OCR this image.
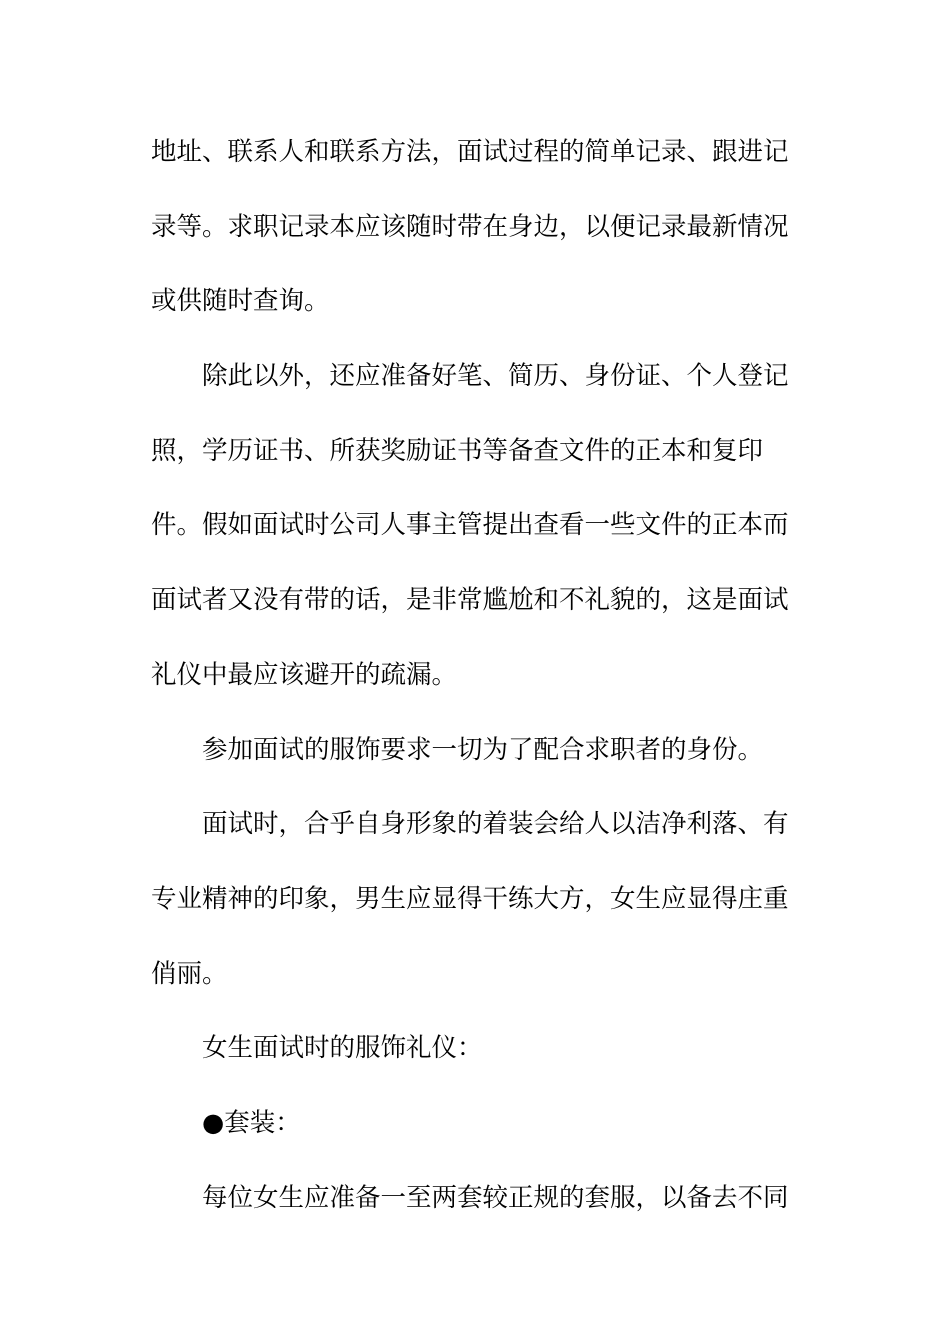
地址、联系人和联系方法，面试过程的简单记录、跟进记
录等。求职记录本应该随时带在身边，以便记录最新情况
或供随时查询。
除此以外，还应准备好笔、简历、身份证、个人登记
照，学历证书、所获奖励证书等备查文件的正本和复印
件。假如面试时公司人事主管提出查看一些文件的正本而
面试者又没有带的话，是非常尴尬和不礼貌的，这是面试
礼仪中最应该避开的疏漏。
参加面试的服饰要求一切为了配合求职者的身份。
面试时，合乎自身形象的着装会给人以洁净利落、有
专业精神的印象，男生应显得干练大方，女生应显得庄重
俏丽。
女生面试时的服饰礼仪：
●套装：
每位女生应准备一至两套较正规的套服，以备去不同
